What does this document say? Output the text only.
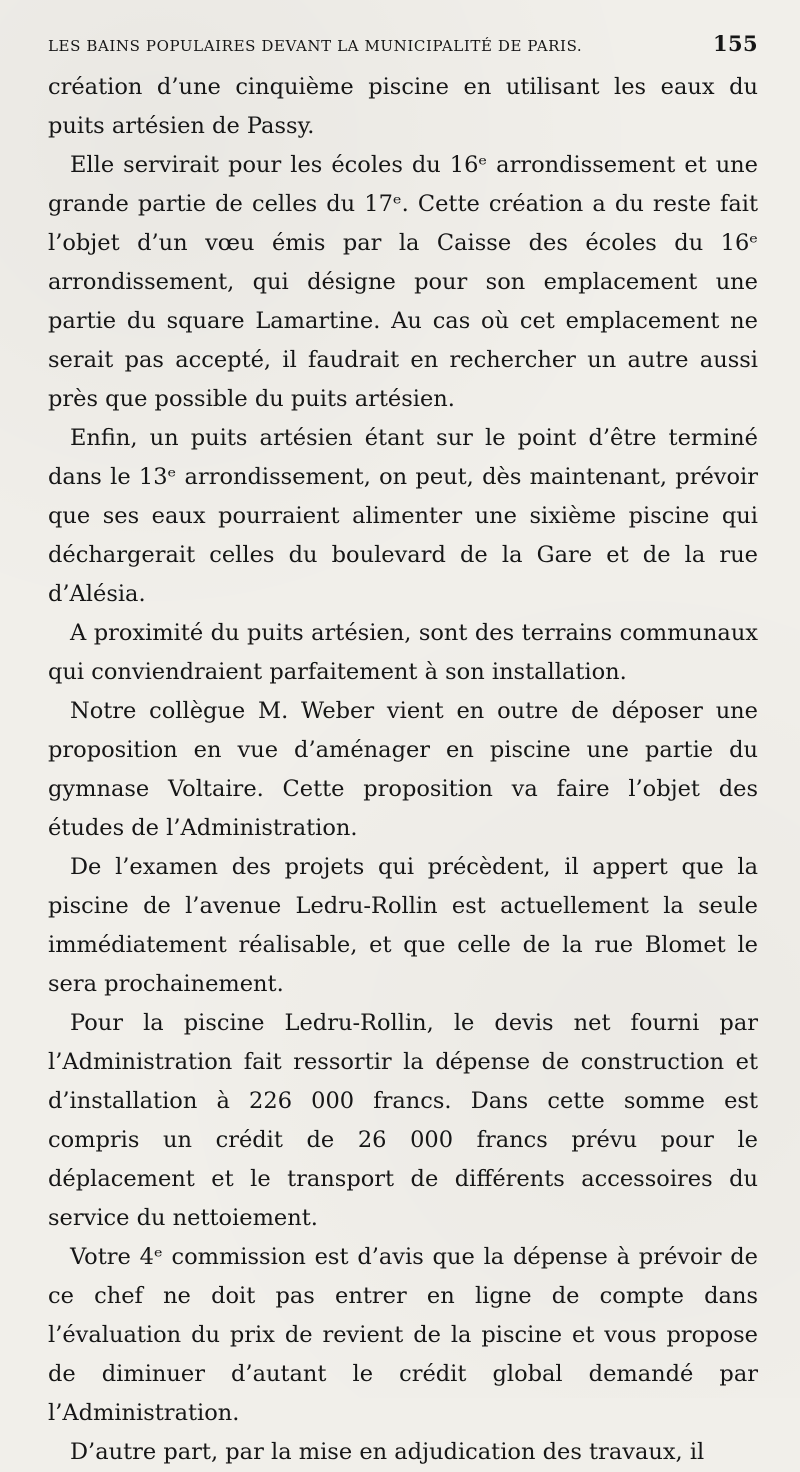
LES BAINS POPULAIRES DEVANT LA MUNICIPALITÉ DE PARIS.	155

création d’une cinquième piscine en utilisant les eaux du puits artésien de Passy.

Elle servirait pour les écoles du 16ᵉ arrondissement et une grande partie de celles du 17ᵉ. Cette création a du reste fait l’objet d’un vœu émis par la Caisse des écoles du 16ᵉ arrondissement, qui désigne pour son emplacement une partie du square Lamartine. Au cas où cet emplacement ne serait pas accepté, il faudrait en rechercher un autre aussi près que possible du puits artésien.

Enfin, un puits artésien étant sur le point d’être terminé dans le 13ᵉ arrondissement, on peut, dès maintenant, prévoir que ses eaux pourraient alimenter une sixième piscine qui déchargerait celles du boulevard de la Gare et de la rue d’Alésia.

A proximité du puits artésien, sont des terrains communaux qui conviendraient parfaitement à son installation.

Notre collègue M. Weber vient en outre de déposer une proposition en vue d’aménager en piscine une partie du gymnase Voltaire. Cette proposition va faire l’objet des études de l’Administration.

De l’examen des projets qui précèdent, il appert que la piscine de l’avenue Ledru-Rollin est actuellement la seule immédiatement réalisable, et que celle de la rue Blomet le sera prochainement.

Pour la piscine Ledru-Rollin, le devis net fourni par l’Administration fait ressortir la dépense de construction et d’installation à 226 000 francs. Dans cette somme est compris un crédit de 26 000 francs prévu pour le déplacement et le transport de différents accessoires du service du nettoiement.

Votre 4ᵉ commission est d’avis que la dépense à prévoir de ce chef ne doit pas entrer en ligne de compte dans l’évaluation du prix de revient de la piscine et vous propose de diminuer d’autant le crédit global demandé par l’Administration.

D’autre part, par la mise en adjudication des travaux, il
